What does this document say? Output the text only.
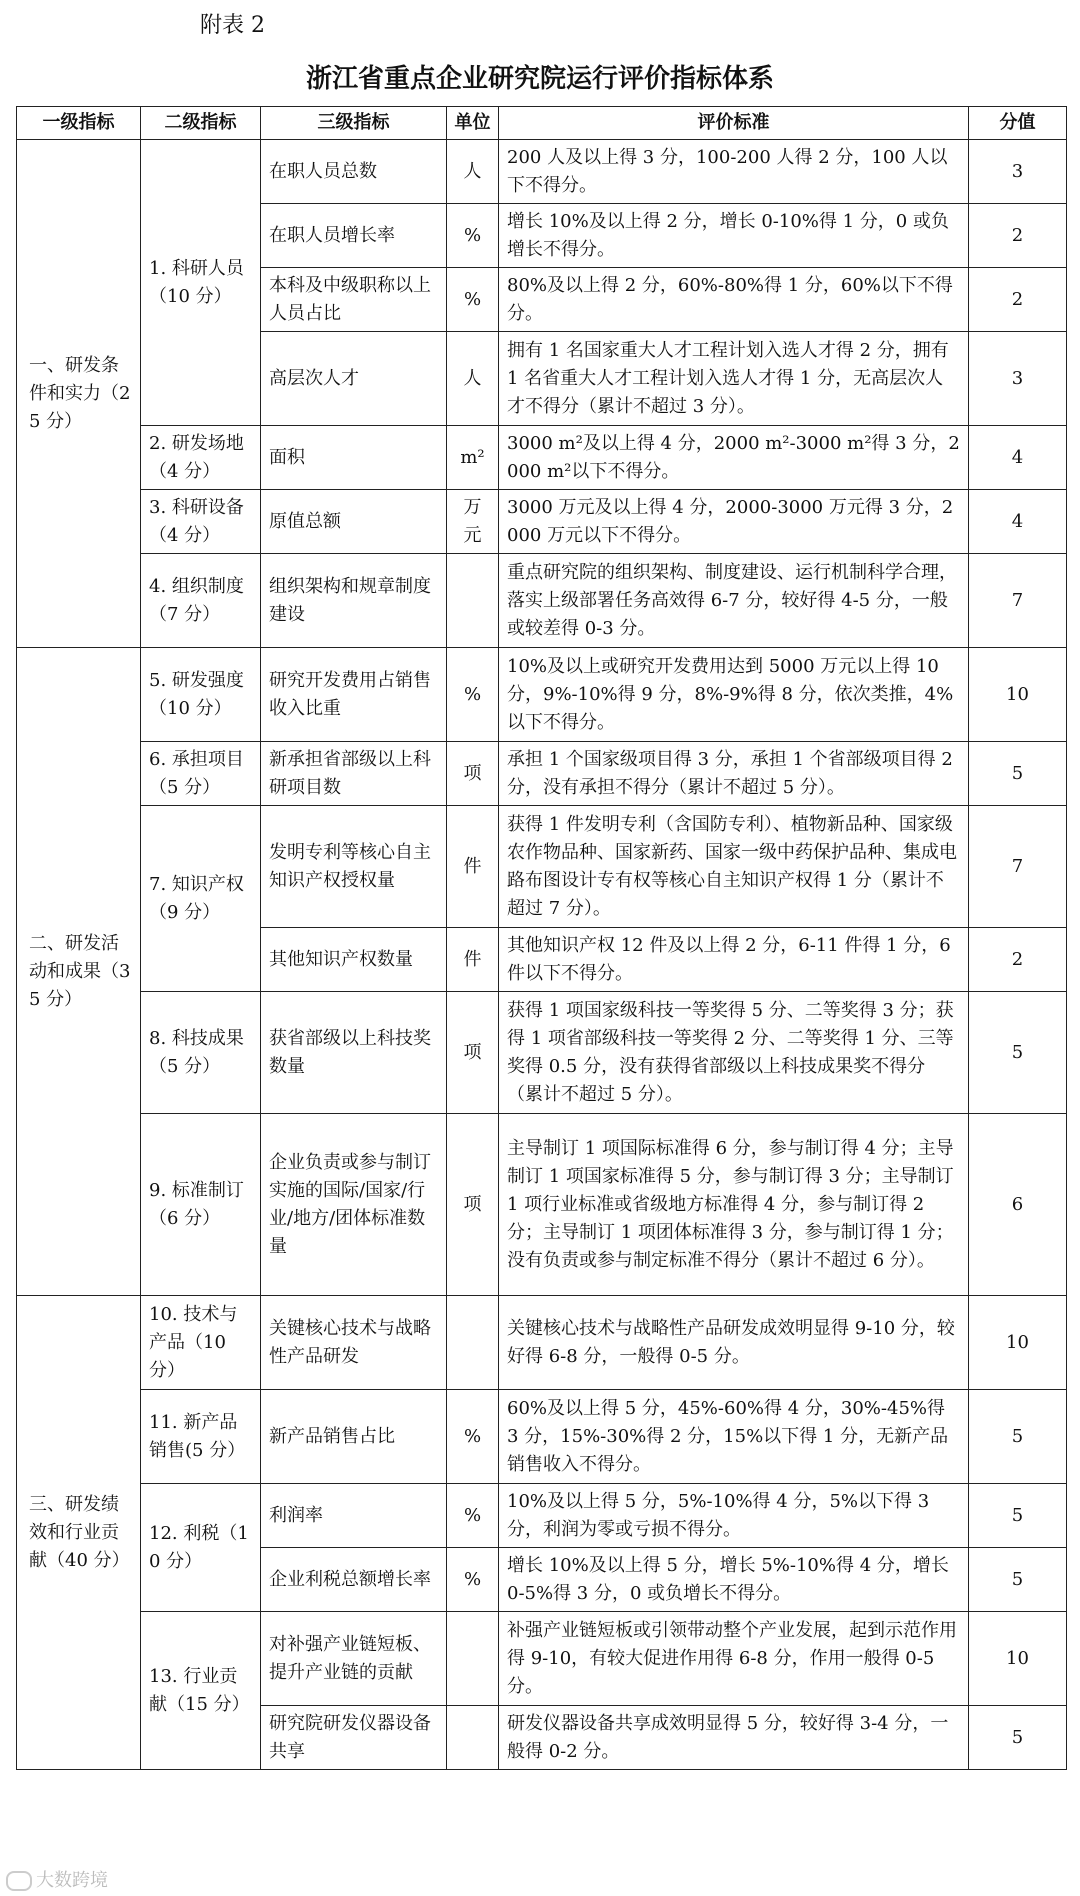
附表 2
浙江省重点企业研究院运行评价指标体系
一级指标	二级指标	三级指标	单位	评价标准	分值
一、研发条件和实力（25 分）	1. 科研人员（10 分）	在职人员总数	人	200 人及以上得 3 分，100-200 人得 2 分，100 人以下不得分。	3
		在职人员增长率	%	增长 10%及以上得 2 分，增长 0-10%得 1 分，0 或负增长不得分。	2
		本科及中级职称以上人员占比	%	80%及以上得 2 分，60%-80%得 1 分，60%以下不得分。	2
		高层次人才	人	拥有 1 名国家重大人才工程计划入选人才得 2 分，拥有 1 名省重大人才工程计划入选人才得 1 分，无高层次人才不得分（累计不超过 3 分）。	3
	2. 研发场地（4 分）	面积	m²	3000 m²及以上得 4 分，2000 m²-3000 m²得 3 分，2000 m²以下不得分。	4
	3. 科研设备（4 分）	原值总额	万元	3000 万元及以上得 4 分，2000-3000 万元得 3 分，2000 万元以下不得分。	4
	4. 组织制度（7 分）	组织架构和规章制度建设		重点研究院的组织架构、制度建设、运行机制科学合理，落实上级部署任务高效得 6-7 分，较好得 4-5 分，一般或较差得 0-3 分。	7
二、研发活动和成果（35 分）	5. 研发强度（10 分）	研究开发费用占销售收入比重	%	10%及以上或研究开发费用达到 5000 万元以上得 10 分，9%-10%得 9 分，8%-9%得 8 分，依次类推，4%以下不得分。	10
	6. 承担项目（5 分）	新承担省部级以上科研项目数	项	承担 1 个国家级项目得 3 分，承担 1 个省部级项目得 2 分，没有承担不得分（累计不超过 5 分）。	5
	7. 知识产权（9 分）	发明专利等核心自主知识产权授权量	件	获得 1 件发明专利（含国防专利）、植物新品种、国家级农作物品种、国家新药、国家一级中药保护品种、集成电路布图设计专有权等核心自主知识产权得 1 分（累计不超过 7 分）。	7
		其他知识产权数量	件	其他知识产权 12 件及以上得 2 分，6-11 件得 1 分，6 件以下不得分。	2
	8. 科技成果（5 分）	获省部级以上科技奖数量	项	获得 1 项国家级科技一等奖得 5 分、二等奖得 3 分；获得 1 项省部级科技一等奖得 2 分、二等奖得 1 分、三等奖得 0.5 分，没有获得省部级以上科技成果奖不得分（累计不超过 5 分）。	5
	9. 标准制订（6 分）	企业负责或参与制订实施的国际/国家/行业/地方/团体标准数量	项	主导制订 1 项国际标准得 6 分，参与制订得 4 分；主导制订 1 项国家标准得 5 分，参与制订得 3 分；主导制订 1 项行业标准或省级地方标准得 4 分，参与制订得 2 分；主导制订 1 项团体标准得 3 分，参与制订得 1 分；没有负责或参与制定标准不得分（累计不超过 6 分）。	6
三、研发绩效和行业贡献（40 分）	10. 技术与产品（10 分）	关键核心技术与战略性产品研发		关键核心技术与战略性产品研发成效明显得 9-10 分，较好得 6-8 分，一般得 0-5 分。	10
	11. 新产品销售(5 分）	新产品销售占比	%	60%及以上得 5 分，45%-60%得 4 分，30%-45%得 3 分，15%-30%得 2 分，15%以下得 1 分，无新产品销售收入不得分。	5
	12. 利税（10 分）	利润率	%	10%及以上得 5 分，5%-10%得 4 分，5%以下得 3 分，利润为零或亏损不得分。	5
		企业利税总额增长率	%	增长 10%及以上得 5 分，增长 5%-10%得 4 分，增长 0-5%得 3 分，0 或负增长不得分。	5
	13. 行业贡献（15 分）	对补强产业链短板、提升产业链的贡献		补强产业链短板或引领带动整个产业发展，起到示范作用得 9-10，有较大促进作用得 6-8 分，作用一般得 0-5 分。	10
		研究院研发仪器设备共享		研发仪器设备共享成效明显得 5 分，较好得 3-4 分，一般得 0-2 分。	5
大数跨境
